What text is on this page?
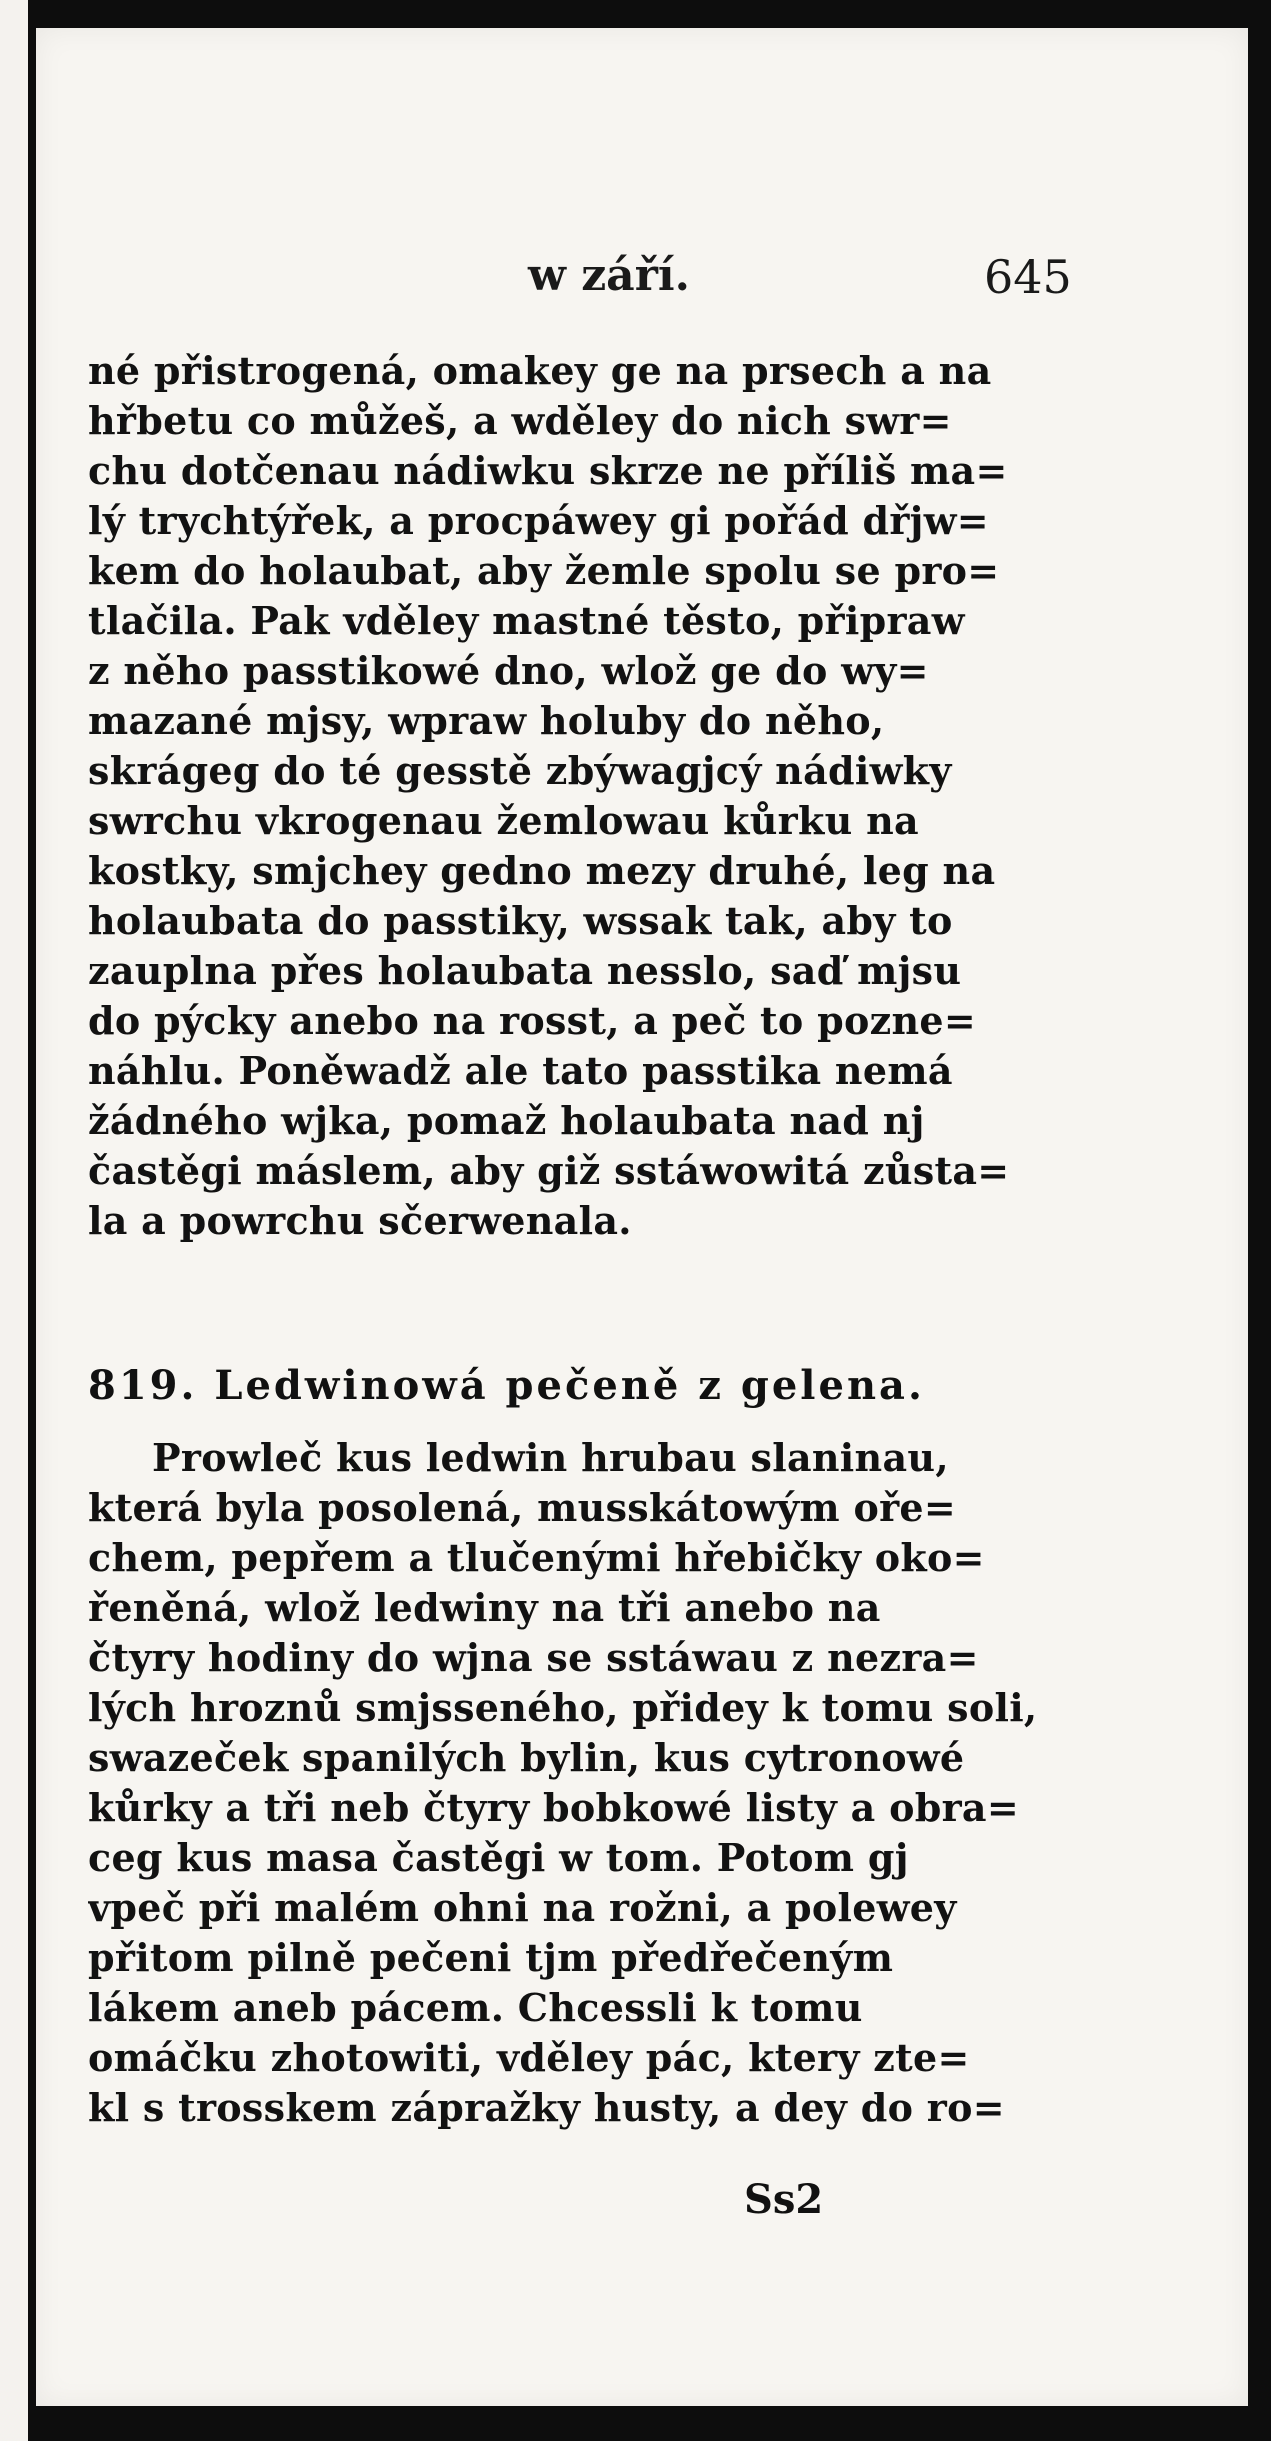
w září.	645
né přistrogená, omakey ge na prsech a na
hřbetu co můžeš, a wděley do nich swr=
chu dotčenau nádiwku skrze ne příliš ma=
lý trychtýřek, a procpáwey gi pořád dřjw=
kem do holaubat, aby žemle spolu se pro=
tlačila. Pak vděley mastné těsto, připraw
z něho passtikowé dno, wlož ge do wy=
mazané mjsy, wpraw holuby do něho,
skrágeg do té gesstě zbýwagjcý nádiwky
swrchu vkrogenau žemlowau kůrku na
kostky, smjchey gedno mezy druhé, leg na
holaubata do passtiky, wssak tak, aby to
zauplna přes holaubata nesslo, saď mjsu
do pýcky anebo na rosst, a peč to pozne=
náhlu. Poněwadž ale tato passtika nemá
žádného wjka, pomaž holaubata nad nj
častěgi máslem, aby giž sstáwowitá zůsta=
la a powrchu sčerwenala.
819. Ledwinowá pečeně z gelena.
Prowleč kus ledwin hrubau slaninau,
která byla posolená, musskátowým oře=
chem, pepřem a tlučenými hřebičky oko=
řeněná, wlož ledwiny na tři anebo na
čtyry hodiny do wjna se sstáwau z nezra=
lých hroznů smjsseného, přidey k tomu soli,
swazeček spanilých bylin, kus cytronowé
kůrky a tři neb čtyry bobkowé listy a obra=
ceg kus masa častěgi w tom. Potom gj
vpeč při malém ohni na rožni, a polewey
přitom pilně pečeni tjm předřečeným
lákem aneb pácem. Chcessli k tomu
omáčku zhotowiti, vděley pác, ktery zte=
kl s trosskem zápražky husty, a dey do ro=
Ss2
